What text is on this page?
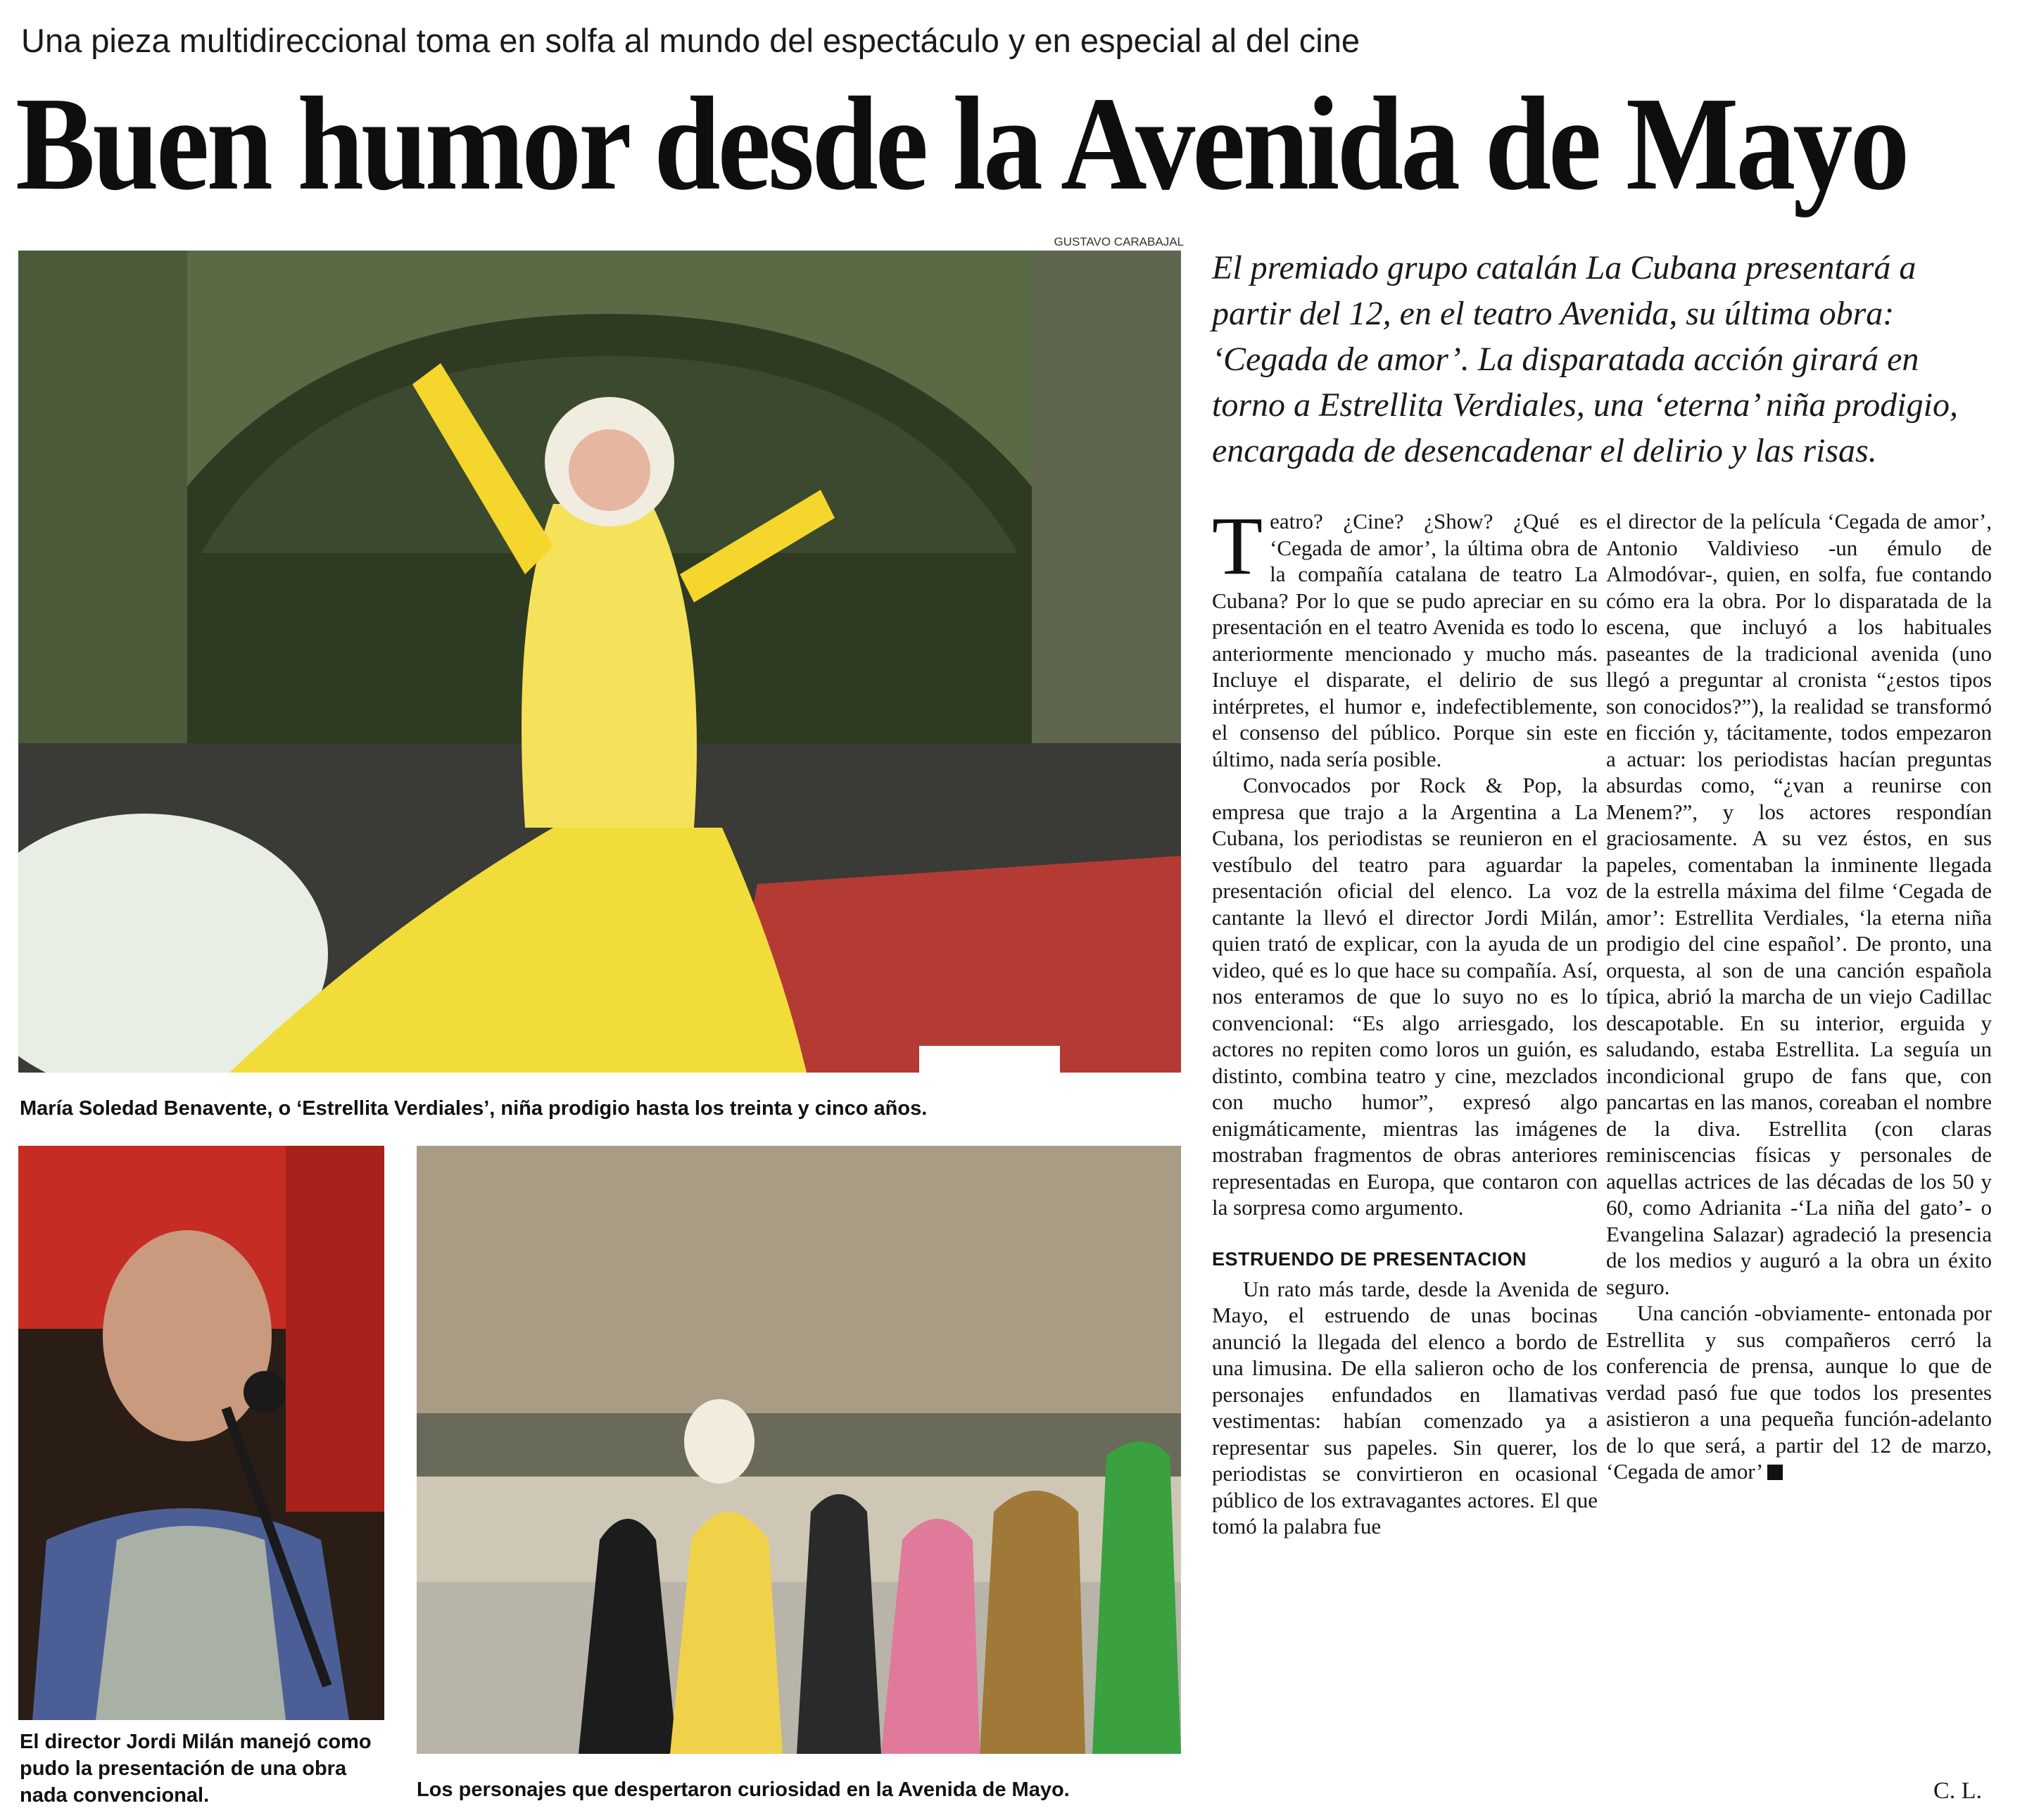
Una pieza multidireccional toma en solfa al mundo del espectáculo y en especial al del cine
Buen humor desde la Avenida de Mayo
GUSTAVO CARABAJAL
María Soledad Benavente, o ‘Estrellita Verdiales’, niña prodigio hasta los treinta y cinco años.
El director Jordi Milán manejó como pudo la presentación de una obra nada convencional.	Los personajes que despertaron curiosidad en la Avenida de Mayo.
El premiado grupo catalán La Cubana presentará a partir del 12, en el teatro Avenida, su última obra: ‘Cegada de amor’. La disparatada acción girará en torno a Estrellita Verdiales, una ‘eterna’ niña prodigio, encargada de desencadenar el delirio y las risas.

Teatro? ¿Cine? ¿Show? ¿Qué es ‘Cegada de amor’, la última obra de la compañía catalana de teatro La Cubana? Por lo que se pudo apreciar en su presentación en el teatro Avenida es todo lo anteriormente mencionado y mucho más. Incluye el disparate, el delirio de sus intérpretes, el humor e, indefectiblemente, el consenso del público. Porque sin este último, nada sería posible.

Convocados por Rock & Pop, la empresa que trajo a la Argentina a La Cubana, los periodistas se reunieron en el vestíbulo del teatro para aguardar la presentación oficial del elenco. La voz cantante la llevó el director Jordi Milán, quien trató de explicar, con la ayuda de un video, qué es lo que hace su compañía. Así, nos enteramos de que lo suyo no es lo convencional: “Es algo arriesgado, los actores no repiten como loros un guión, es distinto, combina teatro y cine, mezclados con mucho humor”, expresó algo enigmáticamente, mientras las imágenes mostraban fragmentos de obras anteriores representadas en Europa, que contaron con la sorpresa como argumento.

ESTRUENDO DE PRESENTACION

Un rato más tarde, desde la Avenida de Mayo, el estruendo de unas bocinas anunció la llegada del elenco a bordo de una limusina. De ella salieron ocho de los personajes enfundados en llamativas vestimentas: habían comenzado ya a representar sus papeles. Sin querer, los periodistas se convirtieron en ocasional público de los extravagantes actores. El que tomó la palabra fue

el director de la película ‘Cegada de amor’, Antonio Valdivieso -un émulo de Almodóvar-, quien, en solfa, fue contando cómo era la obra. Por lo disparatada de la escena, que incluyó a los habituales paseantes de la tradicional avenida (uno llegó a preguntar al cronista “¿estos tipos son conocidos?”), la realidad se transformó en ficción y, tácitamente, todos empezaron a actuar: los periodistas hacían preguntas absurdas como, “¿van a reunirse con Menem?”, y los actores respondían graciosamente. A su vez éstos, en sus papeles, comentaban la inminente llegada de la estrella máxima del filme ‘Cegada de amor’: Estrellita Verdiales, ‘la eterna niña prodigio del cine español’. De pronto, una orquesta, al son de una canción española típica, abrió la marcha de un viejo Cadillac descapotable. En su interior, erguida y saludando, estaba Estrellita. La seguía un incondicional grupo de fans que, con pancartas en las manos, coreaban el nombre de la diva. Estrellita (con claras reminiscencias físicas y personales de aquellas actrices de las décadas de los 50 y 60, como Adrianita -‘La niña del gato’- o Evangelina Salazar) agradeció la presencia de los medios y auguró a la obra un éxito seguro.

Una canción -obviamente- entonada por Estrellita y sus compañeros cerró la conferencia de prensa, aunque lo que de verdad pasó fue que todos los presentes asistieron a una pequeña función-adelanto de lo que será, a partir del 12 de marzo, ‘Cegada de amor’

C. L.
